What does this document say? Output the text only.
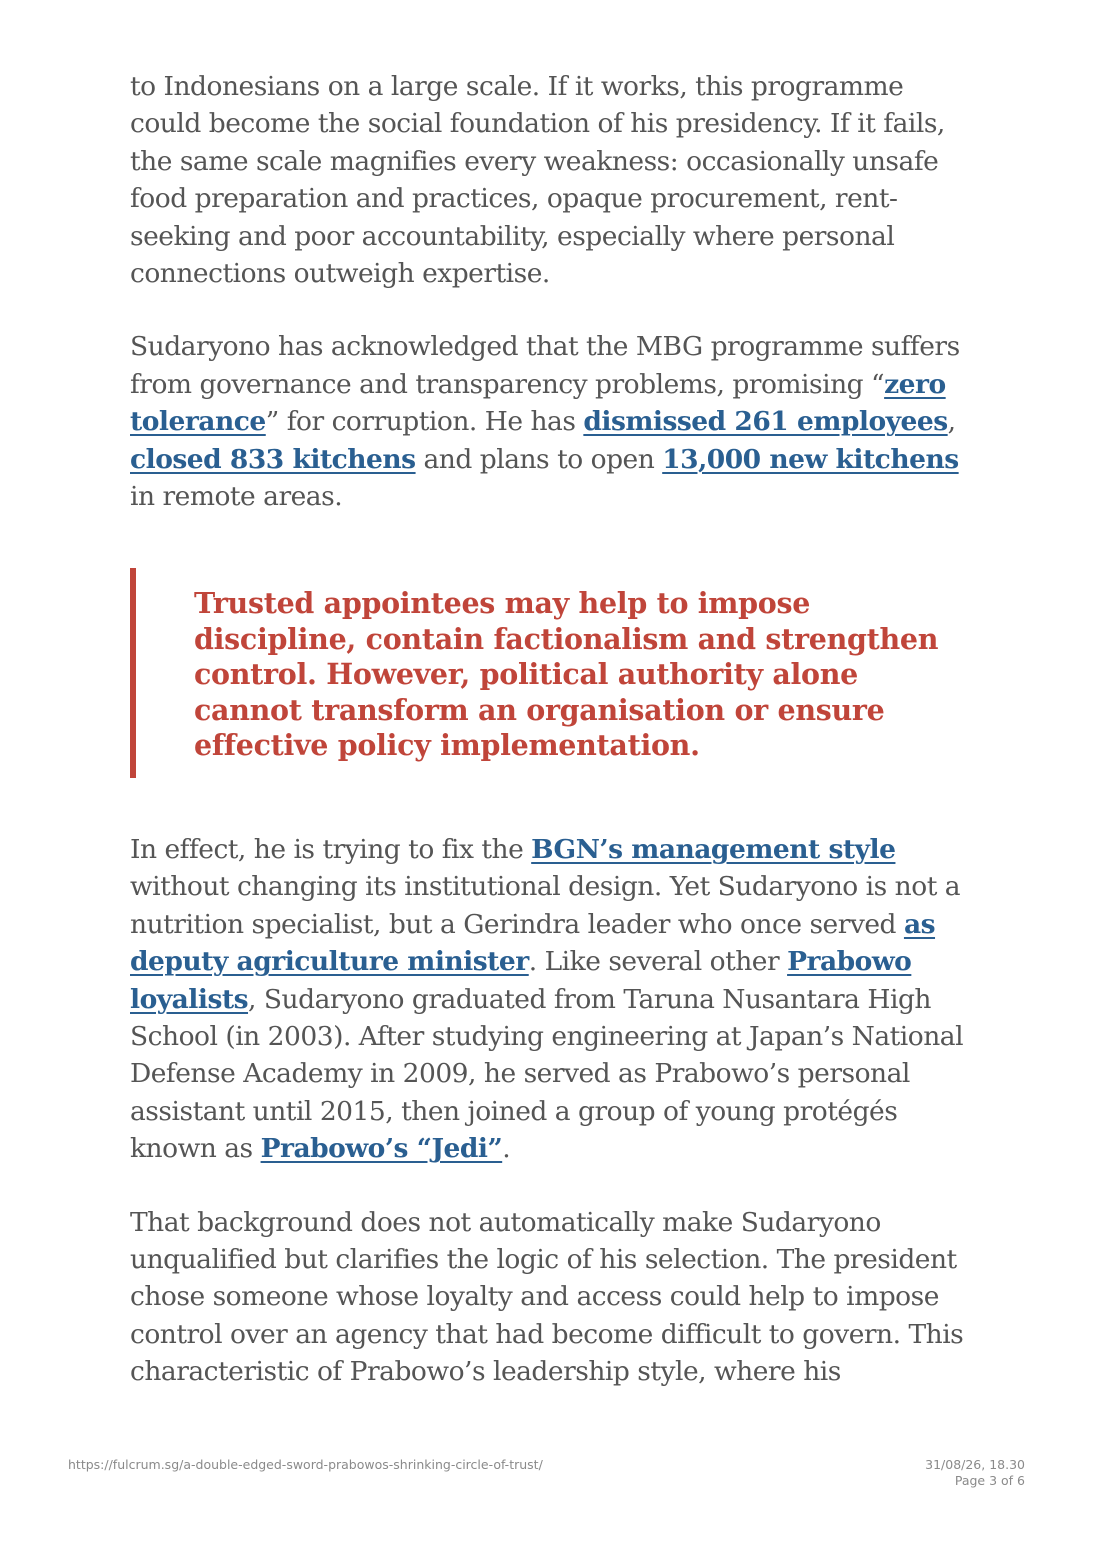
to Indonesians on a large scale. If it works, this programme could become the social foundation of his presidency. If it fails, the same scale magnifies every weakness: occasionally unsafe food preparation and practices, opaque procurement, rent-seeking and poor accountability, especially where personal connections outweigh expertise.

Sudaryono has acknowledged that the MBG programme suffers from governance and transparency problems, promising “zero tolerance” for corruption. He has dismissed 261 employees, closed 833 kitchens and plans to open 13,000 new kitchens in remote areas.

Trusted appointees may help to impose discipline, contain factionalism and strengthen control. However, political authority alone cannot transform an organisation or ensure effective policy implementation.

In effect, he is trying to fix the BGN’s management style without changing its institutional design. Yet Sudaryono is not a nutrition specialist, but a Gerindra leader who once served as deputy agriculture minister. Like several other Prabowo loyalists, Sudaryono graduated from Taruna Nusantara High School (in 2003). After studying engineering at Japan’s National Defense Academy in 2009, he served as Prabowo’s personal assistant until 2015, then joined a group of young protégés known as Prabowo’s “Jedi”.

That background does not automatically make Sudaryono unqualified but clarifies the logic of his selection. The president chose someone whose loyalty and access could help to impose control over an agency that had become difficult to govern. This characteristic of Prabowo’s leadership style, where his

https://fulcrum.sg/a-double-edged-sword-prabowos-shrinking-circle-of-trust/	31/08/26, 18.30
Page 3 of 6
